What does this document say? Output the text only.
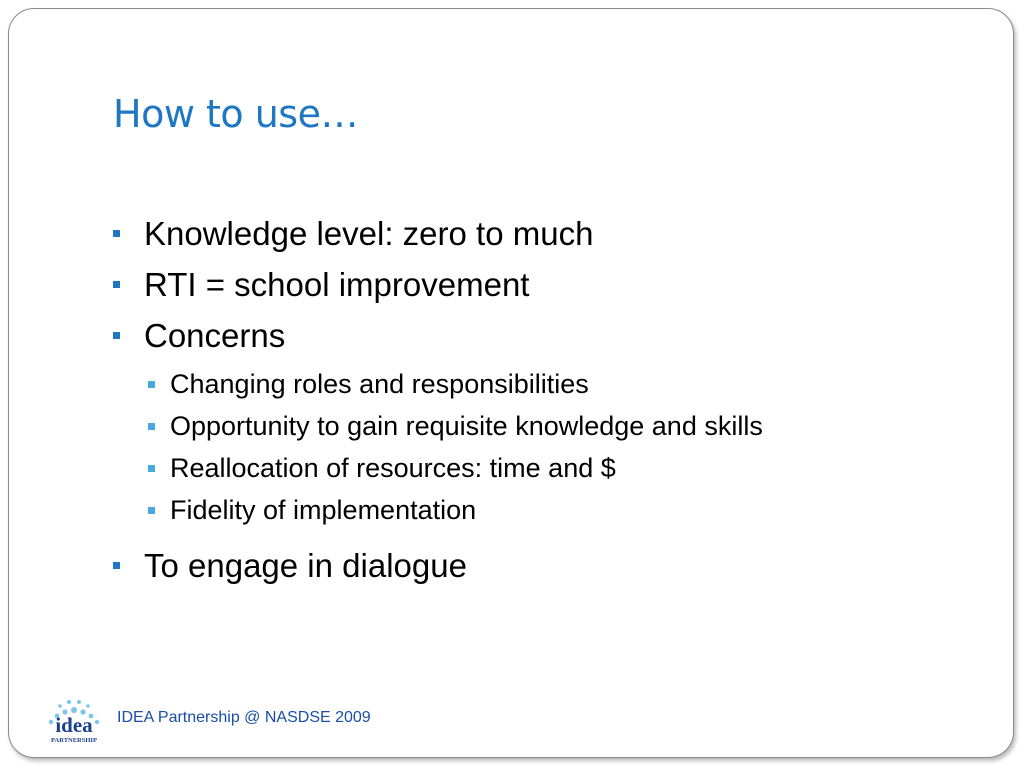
How to use…
Knowledge level: zero to much
RTI = school improvement
Concerns
Changing roles and responsibilities
Opportunity to gain requisite knowledge and skills
Reallocation of resources: time and $
Fidelity of implementation
To engage in dialogue
idea
PARTNERSHIP
IDEA Partnership @ NASDSE 2009
